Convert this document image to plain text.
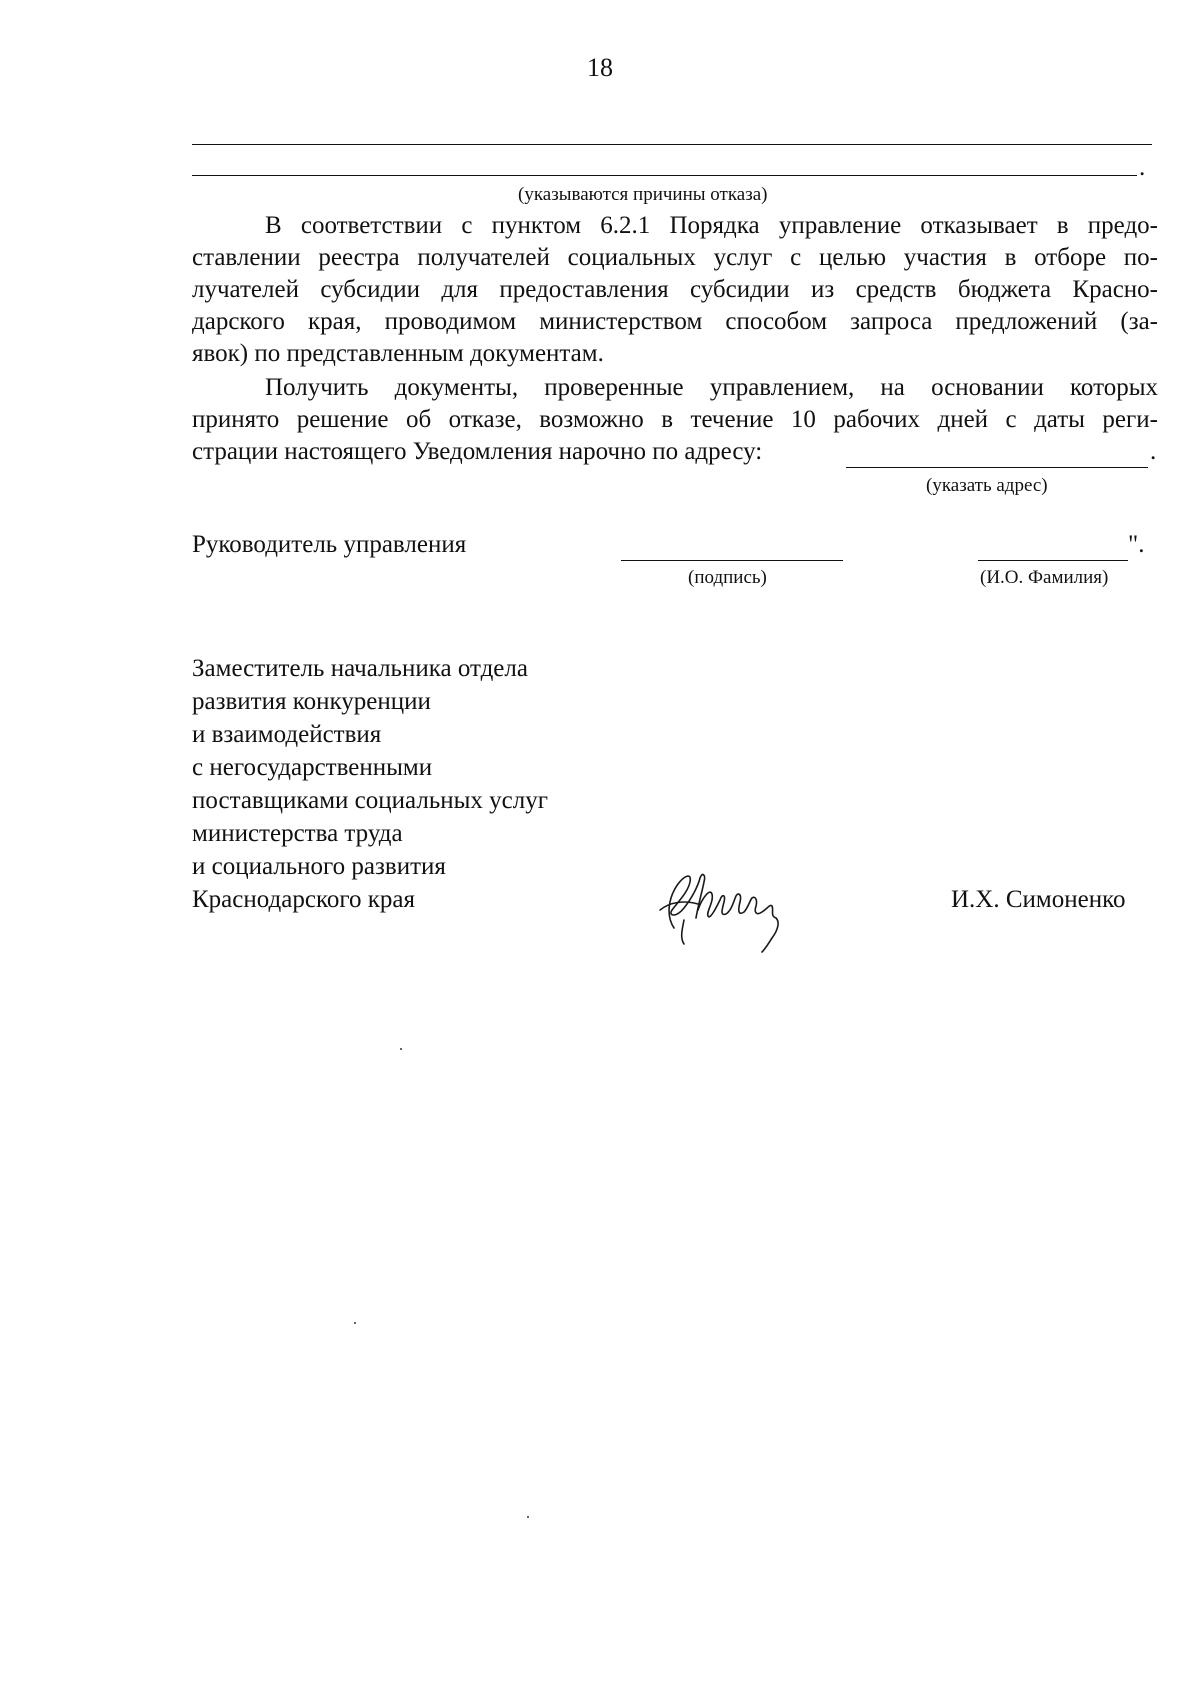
18
.
(указываются причины отказа)
В соответствии с пунктом 6.2.1 Порядка управление отказывает в предо-
ставлении реестра получателей социальных услуг с целью участия в отборе по-
лучателей субсидии для предоставления субсидии из средств бюджета Красно-
дарского края, проводимом министерством способом запроса предложений (за-
явок) по представленным документам.
Получить документы, проверенные управлением, на основании которых
принято решение об отказе, возможно в течение 10 рабочих дней с даты реги-
страции настоящего Уведомления нарочно по адресу:	.
(указать адрес)
Руководитель управления
(подпись)
".
(И.О. Фамилия)
Заместитель начальника отдела
развития конкуренции
и взаимодействия
с негосударственными
поставщиками социальных услуг
министерства труда
и социального развития
Краснодарского края	И.Х. Симоненко
